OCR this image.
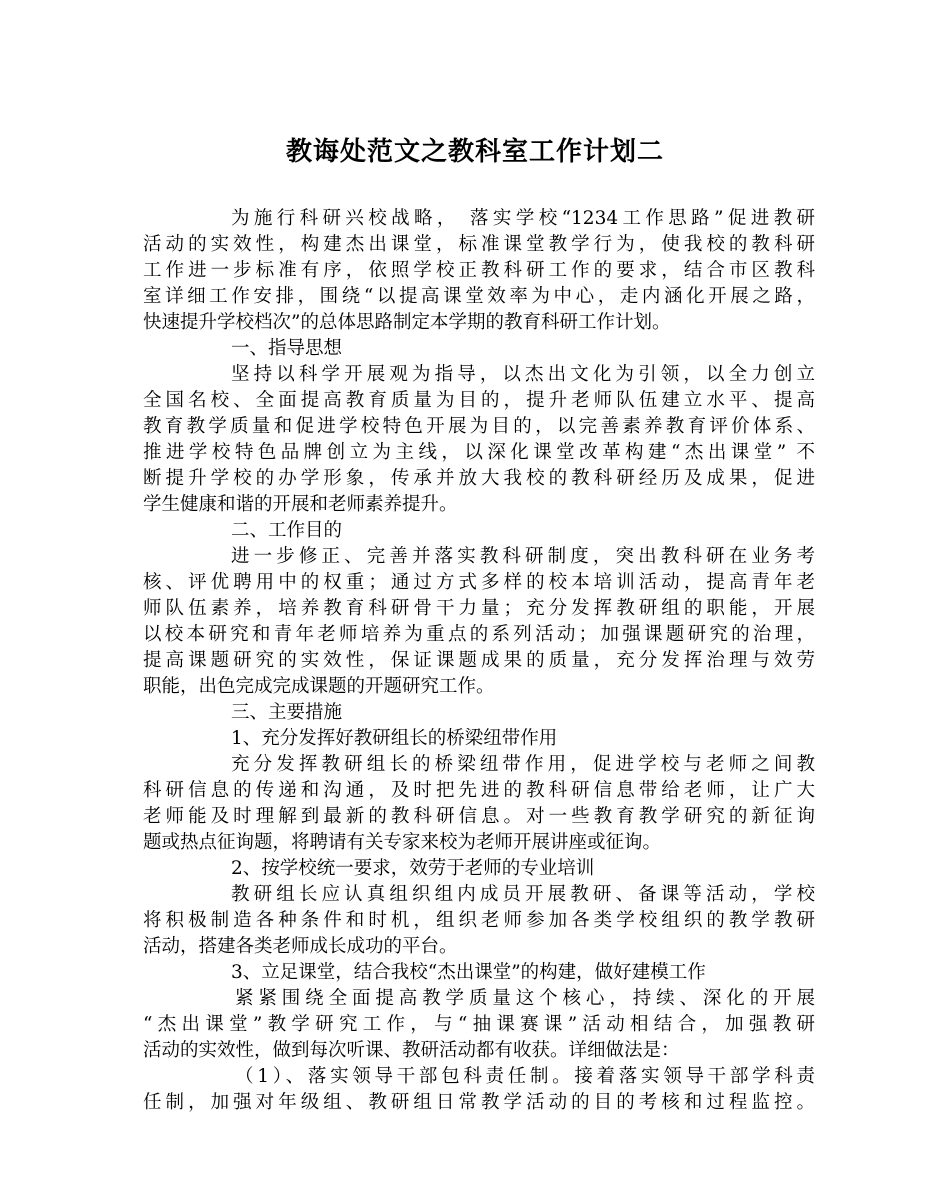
教诲处范文之教科室工作计划二
为施行科研兴校战略， 落实学校“1234工作思路”促进教研
活动的实效性，构建杰出课堂，标准课堂教学行为，使我校的教科研
工作进一步标准有序，依照学校正教科研工作的要求，结合市区教科
室详细工作安排，围绕“以提高课堂效率为中心，走内涵化开展之路，
快速提升学校档次”的总体思路制定本学期的教育科研工作计划。
一、指导思想
坚持以科学开展观为指导，以杰出文化为引领，以全力创立
全国名校、全面提高教育质量为目的，提升老师队伍建立水平、提高
教育教学质量和促进学校特色开展为目的，以完善素养教育评价体系、
推进学校特色品牌创立为主线，以深化课堂改革构建“杰出课堂” 不
断提升学校的办学形象，传承并放大我校的教科研经历及成果，促进
学生健康和谐的开展和老师素养提升。
二、工作目的
进一步修正、完善并落实教科研制度，突出教科研在业务考
核、评优聘用中的权重；通过方式多样的校本培训活动，提高青年老
师队伍素养，培养教育科研骨干力量；充分发挥教研组的职能，开展
以校本研究和青年老师培养为重点的系列活动；加强课题研究的治理，
提高课题研究的实效性，保证课题成果的质量，充分发挥治理与效劳
职能，出色完成完成课题的开题研究工作。
三、主要措施
1、充分发挥好教研组长的桥梁纽带作用
充分发挥教研组长的桥梁纽带作用，促进学校与老师之间教
科研信息的传递和沟通，及时把先进的教科研信息带给老师，让广大
老师能及时理解到最新的教科研信息。对一些教育教学研究的新征询
题或热点征询题，将聘请有关专家来校为老师开展讲座或征询。
2、按学校统一要求，效劳于老师的专业培训
教研组长应认真组织组内成员开展教研、备课等活动，学校
将积极制造各种条件和时机，组织老师参加各类学校组织的教学教研
活动，搭建各类老师成长成功的平台。
3、立足课堂，结合我校“杰出课堂”的构建，做好建模工作
紧紧围绕全面提高教学质量这个核心，持续、深化的开展
“杰出课堂”教学研究工作，与“抽课赛课”活动相结合，加强教研
活动的实效性，做到每次听课、教研活动都有收获。详细做法是：
（1）、落实领导干部包科责任制。接着落实领导干部学科责
任制，加强对年级组、教研组日常教学活动的目的考核和过程监控。
